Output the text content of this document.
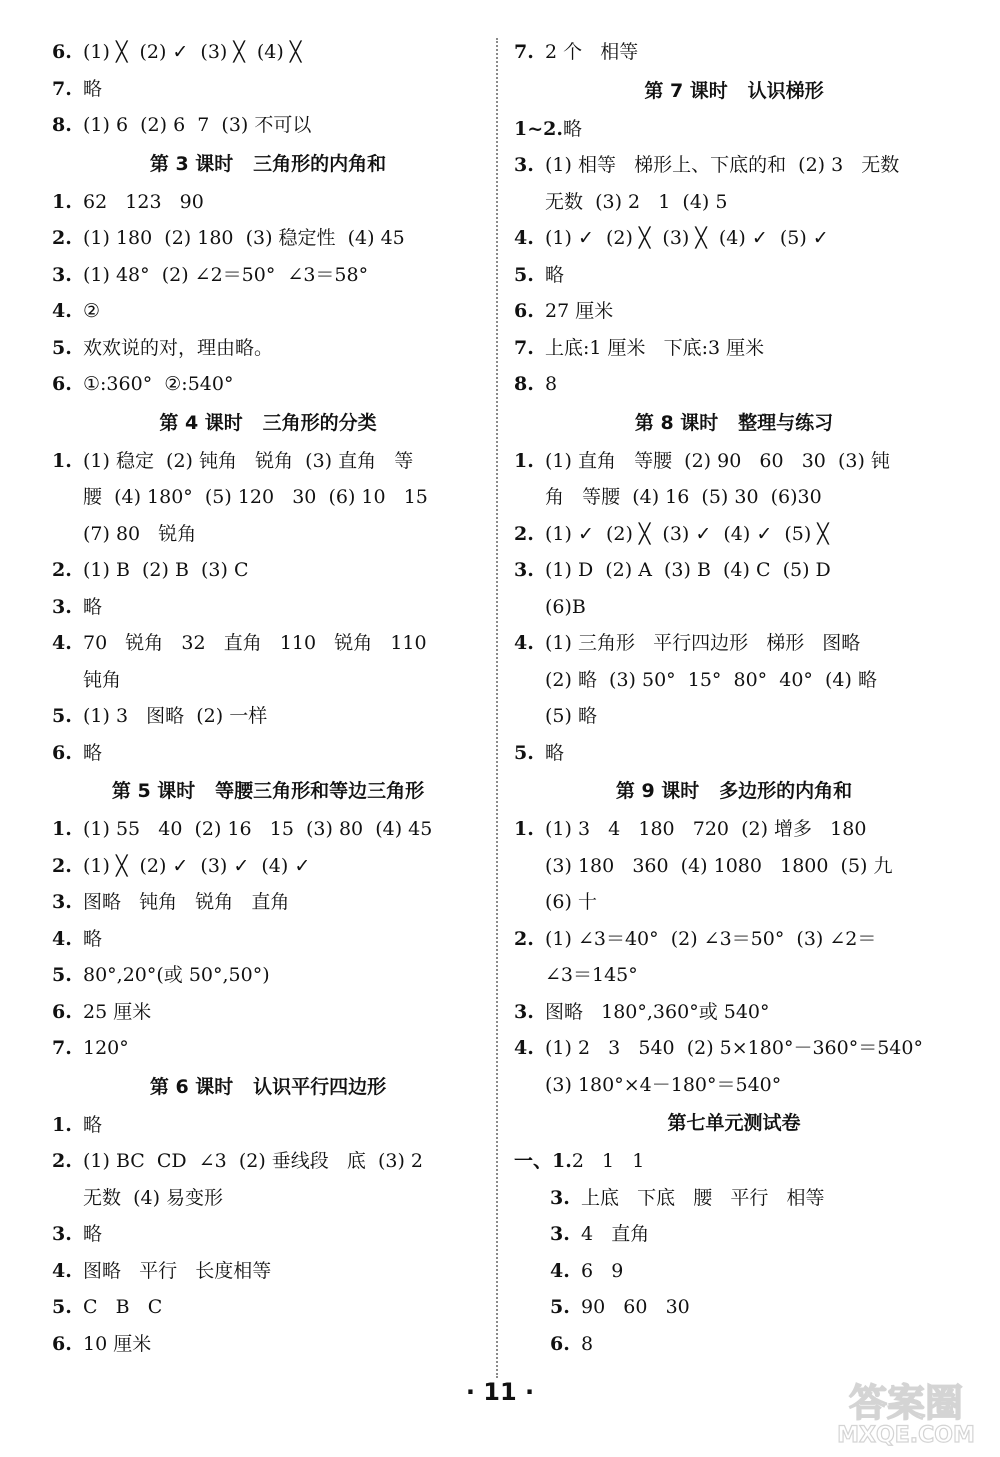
6. (1) ╳  (2) ✓  (3) ╳  (4) ╳
7. 略
8. (1) 6  (2) 6  7  (3) 不可以
第 3 课时   三角形的内角和
1. 62   123   90
2. (1) 180  (2) 180  (3) 稳定性  (4) 45
3. (1) 48°  (2) ∠2＝50°  ∠3＝58°
4. ②
5. 欢欢说的对，理由略。
6. ①:360°  ②:540°
第 4 课时   三角形的分类
1. (1) 稳定  (2) 钝角   锐角  (3) 直角   等
腰  (4) 180°  (5) 120   30  (6) 10   15
(7) 80   锐角
2. (1) B  (2) B  (3) C
3. 略
4. 70   锐角   32   直角   110   锐角   110
钝角
5. (1) 3   图略  (2) 一样
6. 略
第 5 课时   等腰三角形和等边三角形
1. (1) 55   40  (2) 16   15  (3) 80  (4) 45
2. (1) ╳  (2) ✓  (3) ✓  (4) ✓
3. 图略   钝角   锐角   直角
4. 略
5. 80°,20°(或 50°,50°)
6. 25 厘米
7. 120°
第 6 课时   认识平行四边形
1. 略
2. (1) BC  CD  ∠3  (2) 垂线段   底  (3) 2
无数  (4) 易变形
3. 略
4. 图略   平行   长度相等
5. C   B   C
6. 10 厘米
7. 2 个   相等
第 7 课时   认识梯形
1~2.略
3. (1) 相等   梯形上、下底的和  (2) 3   无数
无数  (3) 2   1  (4) 5
4. (1) ✓  (2) ╳  (3) ╳  (4) ✓  (5) ✓
5. 略
6. 27 厘米
7. 上底:1 厘米   下底:3 厘米
8. 8
第 8 课时   整理与练习
1. (1) 直角   等腰  (2) 90   60   30  (3) 钝
角   等腰  (4) 16  (5) 30  (6)30
2. (1) ✓  (2) ╳  (3) ✓  (4) ✓  (5) ╳
3. (1) D  (2) A  (3) B  (4) C  (5) D
(6)B
4. (1) 三角形   平行四边形   梯形   图略
(2) 略  (3) 50°  15°  80°  40°  (4) 略
(5) 略
5. 略
第 9 课时   多边形的内角和
1. (1) 3   4   180   720  (2) 增多   180
(3) 180   360  (4) 1080   1800  (5) 九
(6) 十
2. (1) ∠3＝40°  (2) ∠3＝50°  (3) ∠2＝
∠3＝145°
3. 图略   180°,360°或 540°
4. (1) 2   3   540  (2) 5×180°－360°＝540°
(3) 180°×4－180°＝540°
第七单元测试卷
一、1.2   1   1
3. 上底   下底   腰   平行   相等
3. 4   直角
4. 6   9
5. 90   60   30
6. 8
· 11 ·	答案圈
MXQE.COM
